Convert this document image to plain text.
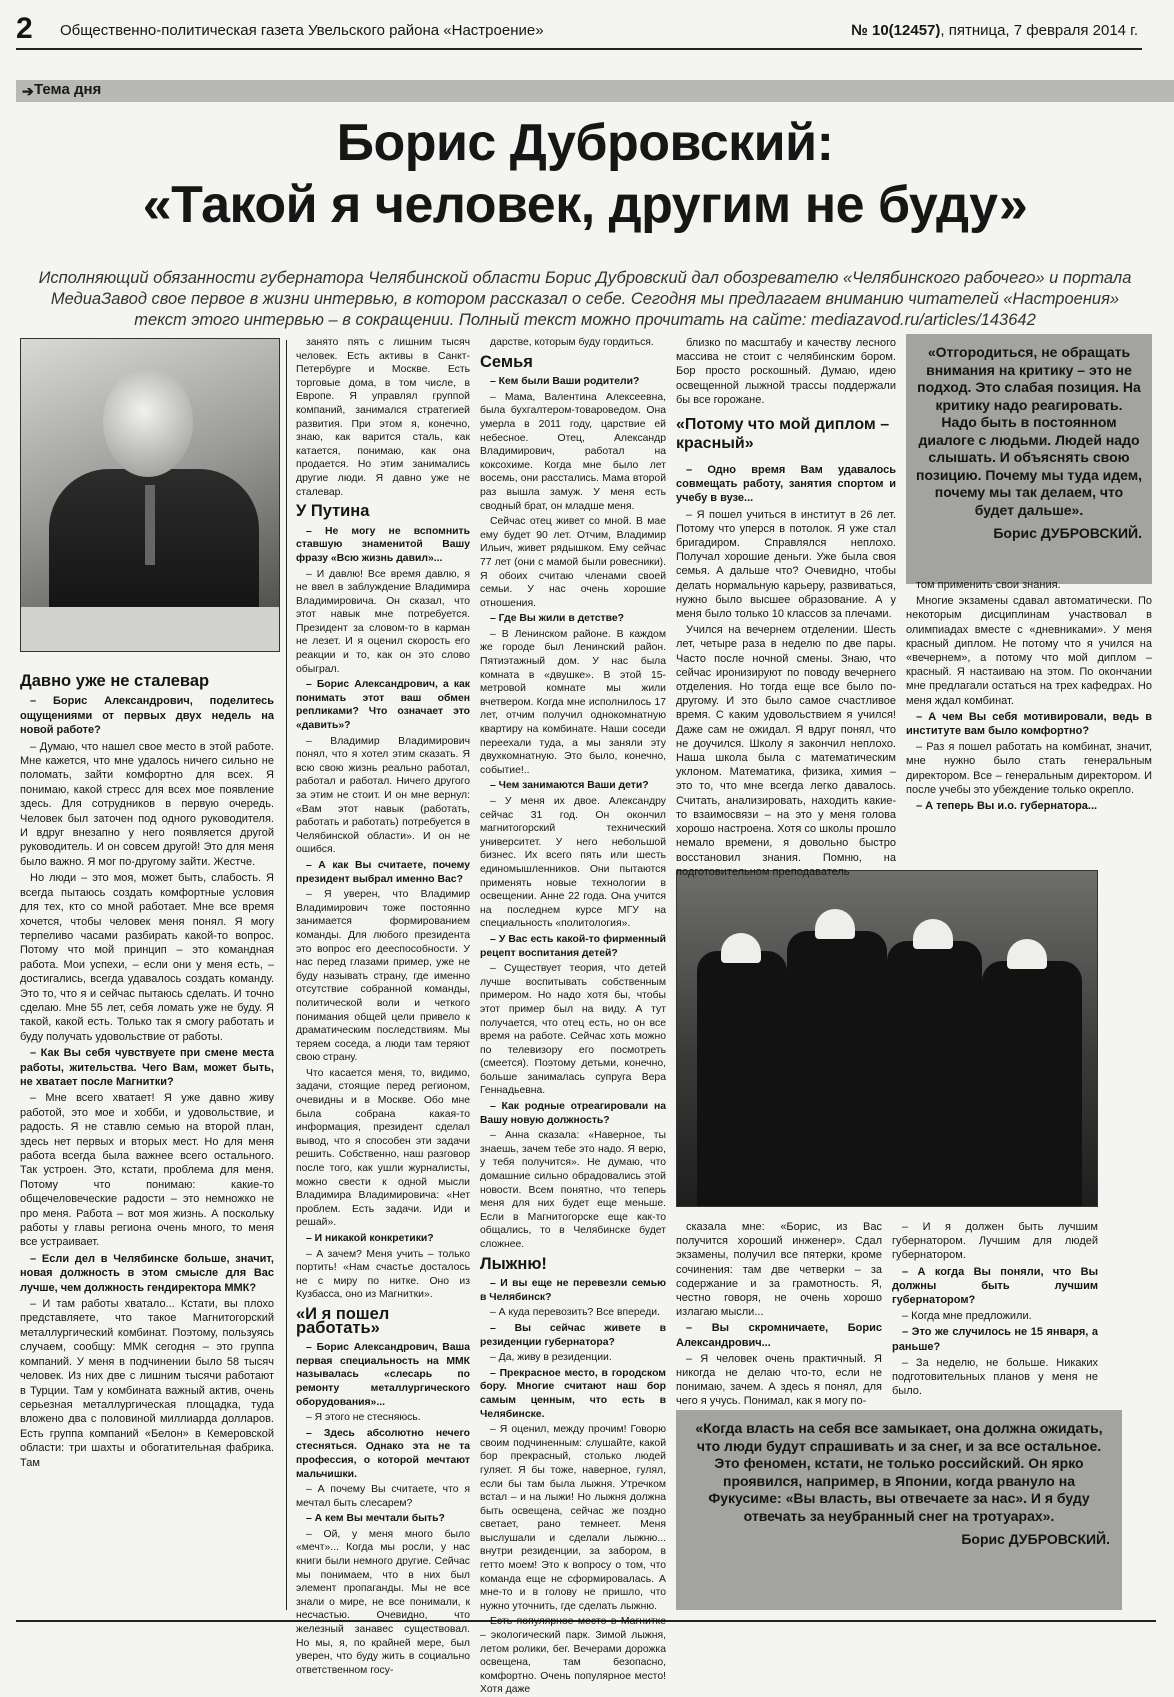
2 Общественно-политическая газета Увельского района «Настроение»	№ 10(12457), пятница, 7 февраля 2014 г.
➔ Тема дня
Борис Дубровский:
«Такой я человек, другим не буду»
Исполняющий обязанности губернатора Челябинской области Борис Дубровский дал обозревателю «Челябинского рабочего» и портала МедиаЗавод свое первое в жизни интервью, в котором рассказал о себе. Сегодня мы предлагаем вниманию читателей «Настроения» текст этого интервью – в сокращении. Полный текст можно прочитать на сайте: mediazavod.ru/articles/143642
Давно уже не сталевар

– Борис Александрович, поделитесь ощущениями от первых двух недель на новой работе?

– Думаю, что нашел свое место в этой работе. Мне кажется, что мне удалось ничего сильно не поломать, зайти комфортно для всех. Я понимаю, какой стресс для всех мое появление здесь. Для сотрудников в первую очередь. Человек был заточен под одного руководителя. И вдруг внезапно у него появляется другой руководитель. И он совсем другой! Это для меня было важно. Я мог по-другому зайти. Жестче.

Но люди – это моя, может быть, слабость. Я всегда пытаюсь создать комфортные условия для тех, кто со мной работает. Мне все время хочется, чтобы человек меня понял. Я могу терпеливо часами разбирать какой-то вопрос. Потому что мой принцип – это командная работа. Мои успехи, – если они у меня есть, – достигались, всегда удавалось создать команду. Это то, что я и сейчас пытаюсь сделать. И точно сделаю. Мне 55 лет, себя ломать уже не буду. Я такой, какой есть. Только так я смогу работать и буду получать удовольствие от работы.

– Как Вы себя чувствуете при смене места работы, жительства. Чего Вам, может быть, не хватает после Магнитки?

– Мне всего хватает! Я уже давно живу работой, это мое и хобби, и удовольствие, и радость. Я не ставлю семью на второй план, здесь нет первых и вторых мест. Но для меня работа всегда была важнее всего остального. Так устроен. Это, кстати, проблема для меня. Потому что понимаю: какие-то общечеловеческие радости – это немножко не про меня. Работа – вот моя жизнь. А поскольку работы у главы региона очень много, то меня все устраивает.

– Если дел в Челябинске больше, значит, новая должность в этом смысле для Вас лучше, чем должность гендиректора ММК?

– И там работы хватало... Кстати, вы плохо представляете, что такое Магнитогорский металлургический комбинат. Поэтому, пользуясь случаем, сообщу: ММК сегодня – это группа компаний. У меня в подчинении было 58 тысяч человек. Из них две с лишним тысячи работают в Турции. Там у комбината важный актив, очень серьезная металлургическая площадка, туда вложено два с половиной миллиарда долларов. Есть группа компаний «Белон» в Кемеровской области: три шахты и обогатительная фабрика. Там

занято пять с лишним тысяч человек. Есть активы в Санкт-Петербурге и Москве. Есть торговые дома, в том числе, в Европе. Я управлял группой компаний, занимался стратегией развития. При этом я, конечно, знаю, как варится сталь, как катается, понимаю, как она продается. Но этим занимались другие люди. Я давно уже не сталевар.

У Путина

– Не могу не вспомнить ставшую знаменитой Вашу фразу «Всю жизнь давил»...

– И давлю! Все время давлю, я не ввел в заблуждение Владимира Владимировича. Он сказал, что этот навык мне потребуется. Президент за словом-то в карман не лезет. И я оценил скорость его реакции и то, как он это слово обыграл.

– Борис Александрович, а как понимать этот ваш обмен репликами? Что означает это «давить»?

– Владимир Владимирович понял, что я хотел этим сказать. Я всю свою жизнь реально работал, работал и работал. Ничего другого за этим не стоит. И он мне вернул: «Вам этот навык (работать, работать и работать) потребуется в Челябинской области». И он не ошибся.

– А как Вы считаете, почему президент выбрал именно Вас?

– Я уверен, что Владимир Владимирович тоже постоянно занимается формированием команды. Для любого президента это вопрос его дееспособности. У нас перед глазами пример, уже не буду называть страну, где именно отсутствие собранной команды, политической воли и четкого понимания общей цели привело к драматическим последствиям. Мы теряем соседа, а люди там теряют свою страну.

Что касается меня, то, видимо, задачи, стоящие перед регионом, очевидны и в Москве. Обо мне была собрана какая-то информация, президент сделал вывод, что я способен эти задачи решить. Собственно, наш разговор после того, как ушли журналисты, можно свести к одной мысли Владимира Владимировича: «Нет проблем. Есть задачи. Иди и решай».

– И никакой конкретики?

– А зачем? Меня учить – только портить! «Нам счастье досталось не с миру по нитке. Оно из Кузбасса, оно из Магнитки».

«И я пошел работать»

– Борис Александрович, Ваша первая специальность на ММК называлась «слесарь по ремонту металлургического оборудования»...

– Я этого не стесняюсь.

– Здесь абсолютно нечего стесняться. Однако эта не та профессия, о которой мечтают мальчишки.

– А почему Вы считаете, что я мечтал быть слесарем?

– А кем Вы мечтали быть?

– Ой, у меня много было «мечт»... Когда мы росли, у нас книги были немного другие. Сейчас мы понимаем, что в них был элемент пропаганды. Мы не все знали о мире, не все понимали, к несчастью. Очевидно, что железный занавес существовал. Но мы, я, по крайней мере, был уверен, что буду жить в социально ответственном госу-

дарстве, которым буду гордиться.

Семья

– Кем были Ваши родители?

– Мама, Валентина Алексеевна, была бухгалтером-товароведом. Она умерла в 2011 году, царствие ей небесное. Отец, Александр Владимирович, работал на коксохиме. Когда мне было лет восемь, они расстались. Мама второй раз вышла замуж. У меня есть сводный брат, он младше меня.

Сейчас отец живет со мной. В мае ему будет 90 лет. Отчим, Владимир Ильич, живет рядышком. Ему сейчас 77 лет (они с мамой были ровесники). Я обоих считаю членами своей семьи. У нас очень хорошие отношения.

– Где Вы жили в детстве?

– В Ленинском районе. В каждом же городе был Ленинский район. Пятиэтажный дом. У нас была комната в «двушке». В этой 15-метровой комнате мы жили вчетвером. Когда мне исполнилось 17 лет, отчим получил однокомнатную квартиру на комбинате. Наши соседи переехали туда, а мы заняли эту двухкомнатную. Это было, конечно, событие!..

– Чем занимаются Ваши дети?

– У меня их двое. Александру сейчас 31 год. Он окончил магнитогорский технический университет. У него небольшой бизнес. Их всего пять или шесть единомышленников. Они пытаются применять новые технологии в освещении. Анне 22 года. Она учится на последнем курсе МГУ на специальность «политология».

– У Вас есть какой-то фирменный рецепт воспитания детей?

– Существует теория, что детей лучше воспитывать собственным примером. Но надо хотя бы, чтобы этот пример был на виду. А тут получается, что отец есть, но он все время на работе. Сейчас хоть можно по телевизору его посмотреть (смеется). Поэтому детьми, конечно, больше занималась супруга Вера Геннадьевна.

– Как родные отреагировали на Вашу новую должность?

– Анна сказала: «Наверное, ты знаешь, зачем тебе это надо. Я верю, у тебя получится». Не думаю, что домашние сильно обрадовались этой новости. Всем понятно, что теперь меня для них будет еще меньше. Если в Магнитогорске еще как-то общались, то в Челябинске будет сложнее.

Лыжню!

– И вы еще не перевезли семью в Челябинск?

– А куда перевозить? Все впереди.

– Вы сейчас живете в резиденции губернатора?

– Да, живу в резиденции.

– Прекрасное место, в городском бору. Многие считают наш бор самым ценным, что есть в Челябинске.

– Я оценил, между прочим! Говорю своим подчиненным: слушайте, какой бор прекрасный, столько людей гуляет. Я бы тоже, наверное, гулял, если бы там была лыжня. Утречком встал – и на лыжи! Но лыжня должна быть освещена, сейчас же поздно светает, рано темнеет. Меня выслушали и сделали лыжню... внутри резиденции, за забором, в гетто моем! Это к вопросу о том, что команда еще не сформировалась. А мне-то и в голову не пришло, что нужно уточнить, где сделать лыжню.

Есть популярное место в Магнитке – экологический парк. Зимой лыжня, летом ролики, бег. Вечерами дорожка освещена, там безопасно, комфортно. Очень популярное место! Хотя даже

«Отгородиться, не обращать внимания на критику – это не подход. Это слабая позиция. На критику надо реагировать. Надо быть в постоянном диалоге с людьми. Людей надо слышать. И объяснять свою позицию. Почему мы туда идем, почему мы так делаем, что будет дальше».
Борис ДУБРОВСКИЙ.

том применить свои знания.

Многие экзамены сдавал автоматически. По некоторым дисциплинам участвовал в олимпиадах вместе с «дневниками». У меня красный диплом. Не потому что я учился на «вечернем», а потому что мой диплом – красный. Я настаиваю на этом. По окончании мне предлагали остаться на трех кафедрах. Но меня ждал комбинат.

– А чем Вы себя мотивировали, ведь в институте вам было комфортно?

– Раз я пошел работать на комбинат, значит, мне нужно было стать генеральным директором. Все – генеральным директором. И после учебы это убеждение только окрепло.

– А теперь Вы и.о. губернатора...

сказала мне: «Борис, из Вас получится хороший инженер». Сдал экзамены, получил все пятерки, кроме сочинения: там две четверки – за содержание и за грамотность. Я, честно говоря, не очень хорошо излагаю мысли...

– Вы скромничаете, Борис Александрович...

– Я человек очень практичный. Я никогда не делаю что-то, если не понимаю, зачем. А здесь я понял, для чего я учусь. Понимал, как я могу по-

– И я должен быть лучшим губернатором. Лучшим для людей губернатором.

– А когда Вы поняли, что Вы должны быть лучшим губернатором?

– Когда мне предложили.

– Это же случилось не 15 января, а раньше?

– За неделю, не больше. Никаких подготовительных планов у меня не было.

«Когда власть на себя все замыкает, она должна ожидать, что люди будут спрашивать и за снег, и за все остальное. Это феномен, кстати, не только российский. Он ярко проявился, например, в Японии, когда рвануло на Фукусиме: «Вы власть, вы отвечаете за нас». И я буду отвечать за неубранный снег на тротуарах».
Борис ДУБРОВСКИЙ.

близко по масштабу и качеству лесного массива не стоит с челябинским бором. Бор просто роскошный. Думаю, идею освещенной лыжной трассы поддержали бы все горожане.

«Потому что мой диплом – красный»

– Одно время Вам удавалось совмещать работу, занятия спортом и учебу в вузе...

– Я пошел учиться в институт в 26 лет. Потому что уперся в потолок. Я уже стал бригадиром. Справлялся неплохо. Получал хорошие деньги. Уже была своя семья. А дальше что? Очевидно, чтобы делать нормальную карьеру, развиваться, нужно было высшее образование. А у меня было только 10 классов за плечами.

Учился на вечернем отделении. Шесть лет, четыре раза в неделю по две пары. Часто после ночной смены. Знаю, что сейчас иронизируют по поводу вечернего отделения. Но тогда еще все было по-другому. И это было самое счастливое время. С каким удовольствием я учился! Даже сам не ожидал. Я вдруг понял, что не доучился. Школу я закончил неплохо. Наша школа была с математическим уклоном. Математика, физика, химия – это то, что мне всегда легко давалось. Считать, анализировать, находить какие-то взаимосвязи – на это у меня голова хорошо настроена. Хотя со школы прошло немало времени, я довольно быстро восстановил знания. Помню, на подготовительном преподаватель
